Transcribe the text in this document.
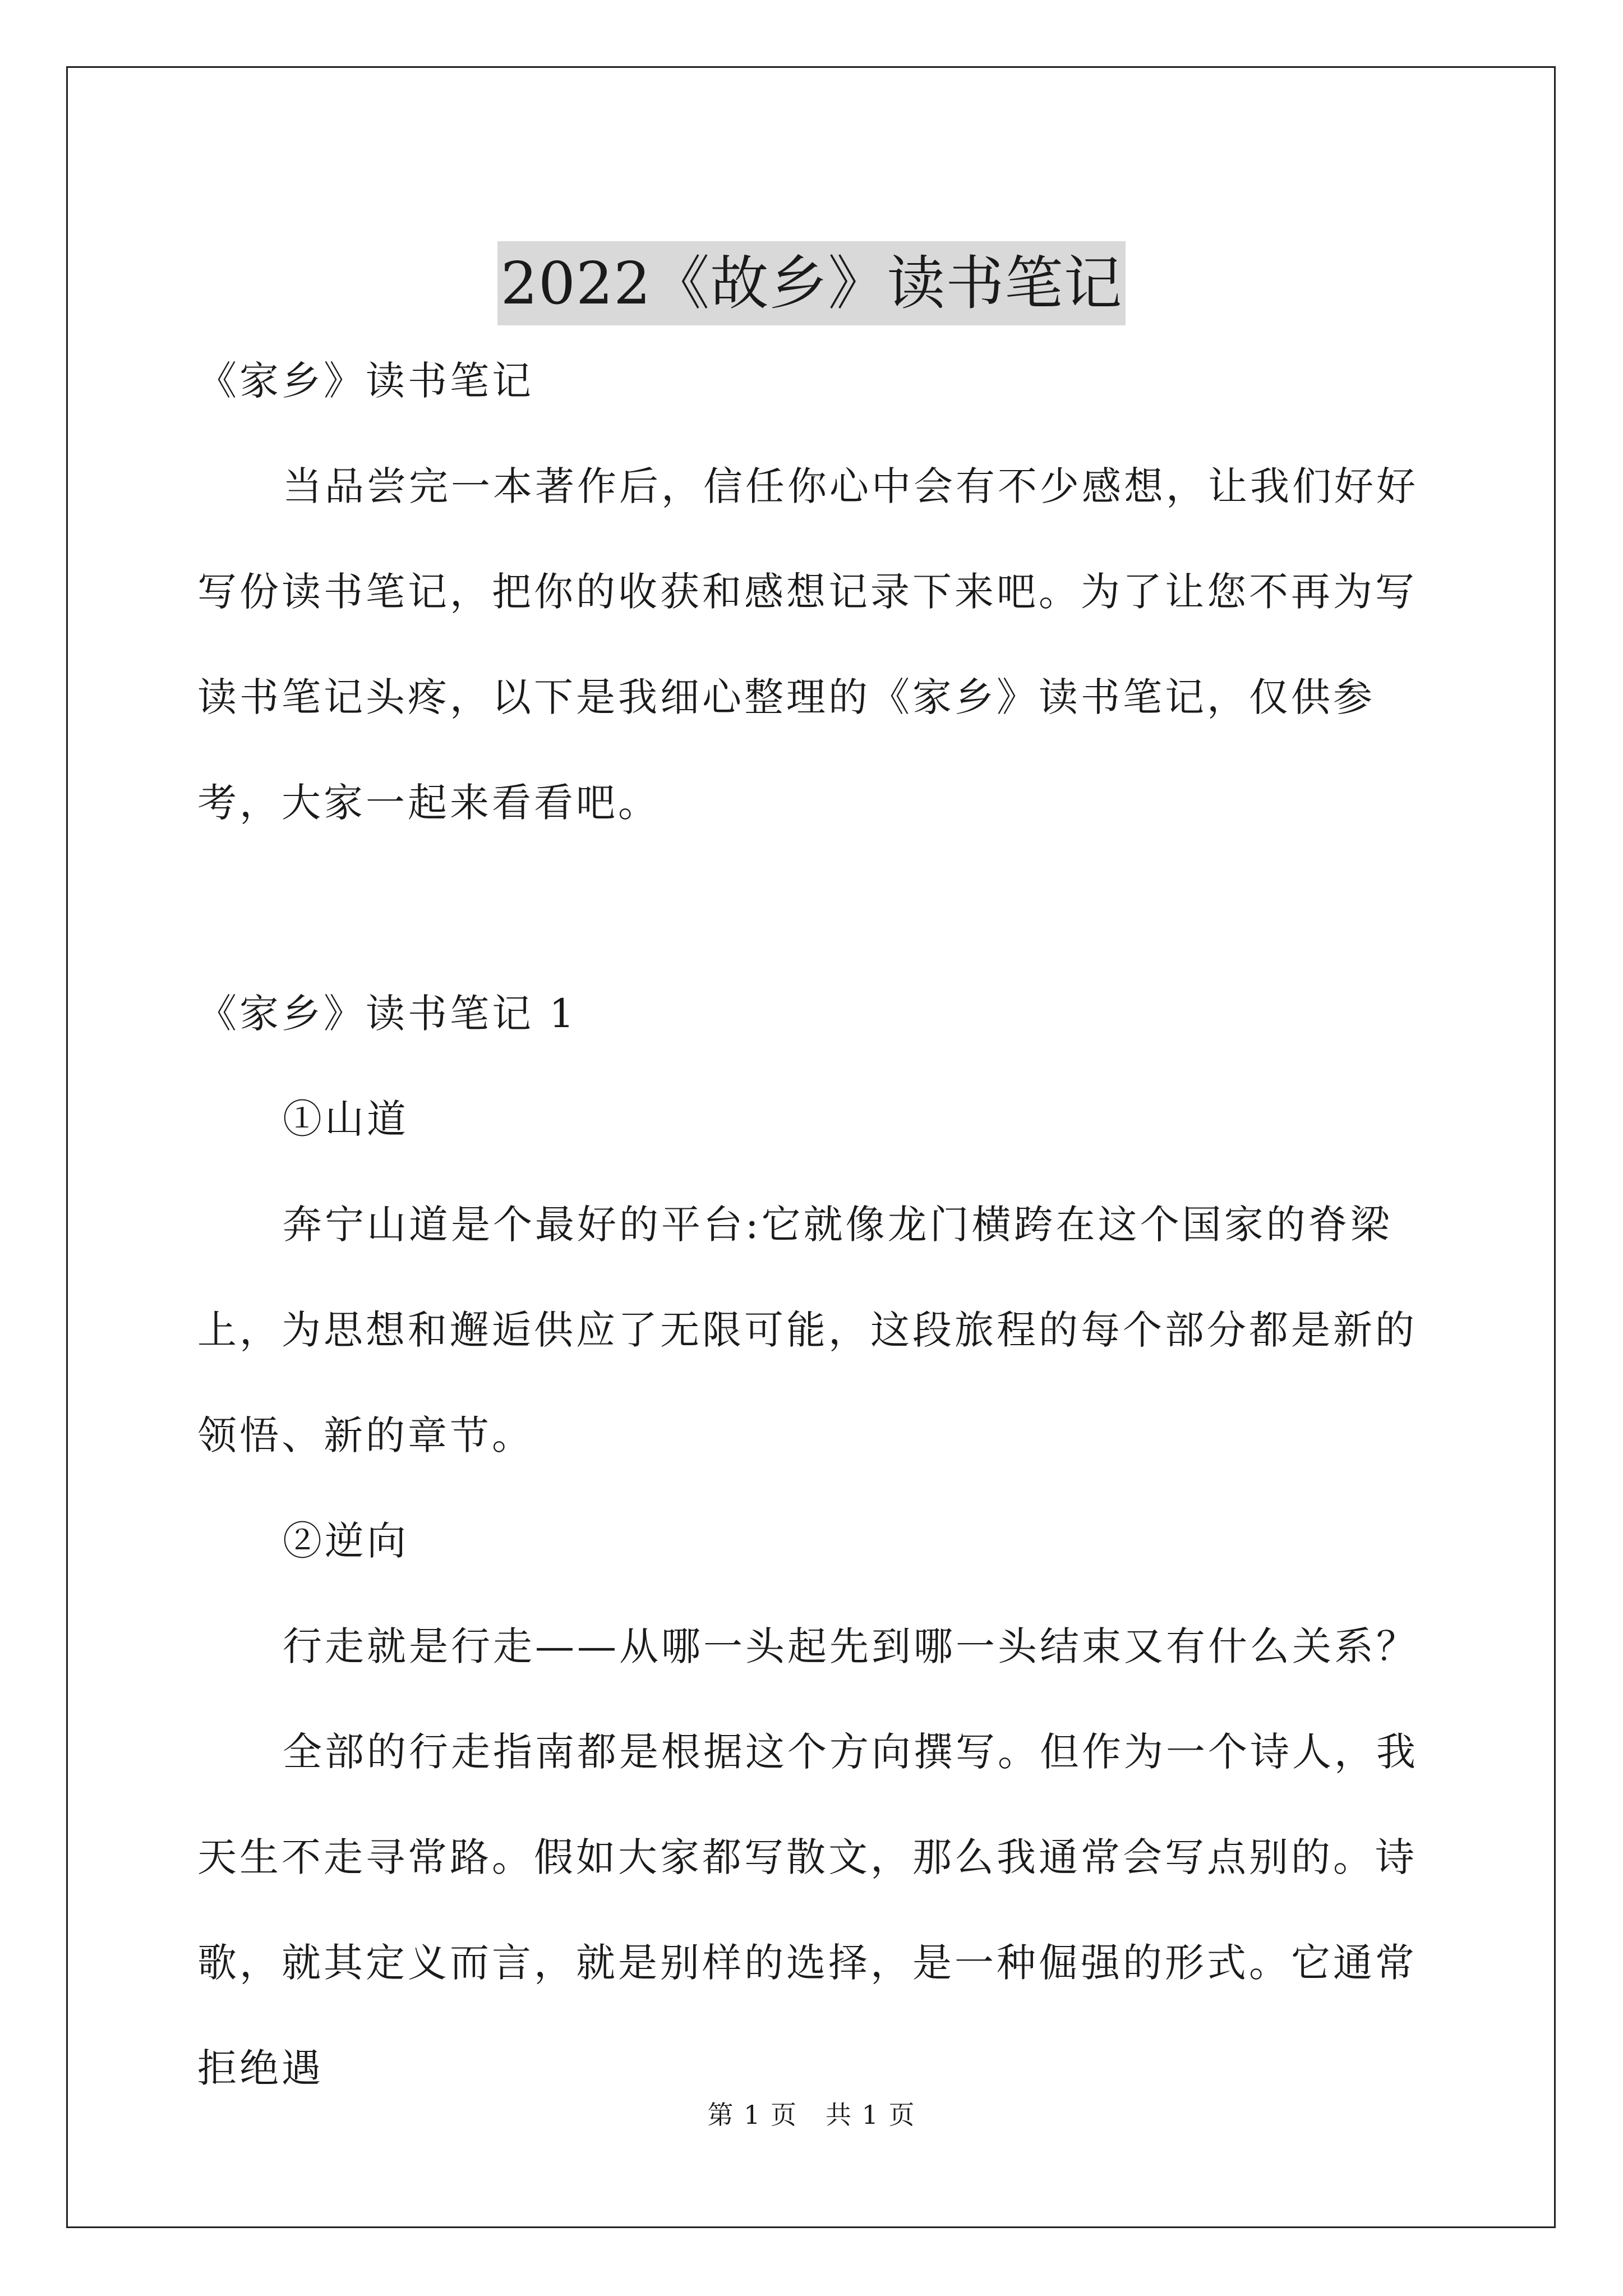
2022《故乡》读书笔记

《家乡》读书笔记

当品尝完一本著作后，信任你心中会有不少感想，让我们好好写份读书笔记，把你的收获和感想记录下来吧。为了让您不再为写读书笔记头疼，以下是我细心整理的《家乡》读书笔记，仅供参考，大家一起来看看吧。

《家乡》读书笔记 1

①山道

奔宁山道是个最好的平台:它就像龙门横跨在这个国家的脊梁上，为思想和邂逅供应了无限可能，这段旅程的每个部分都是新的领悟、新的章节。

②逆向

行走就是行走——从哪一头起先到哪一头结束又有什么关系？

全部的行走指南都是根据这个方向撰写。但作为一个诗人，我天生不走寻常路。假如大家都写散文，那么我通常会写点别的。诗歌，就其定义而言，就是别样的选择，是一种倔强的形式。它通常拒绝遇

第 1 页 共 1 页
